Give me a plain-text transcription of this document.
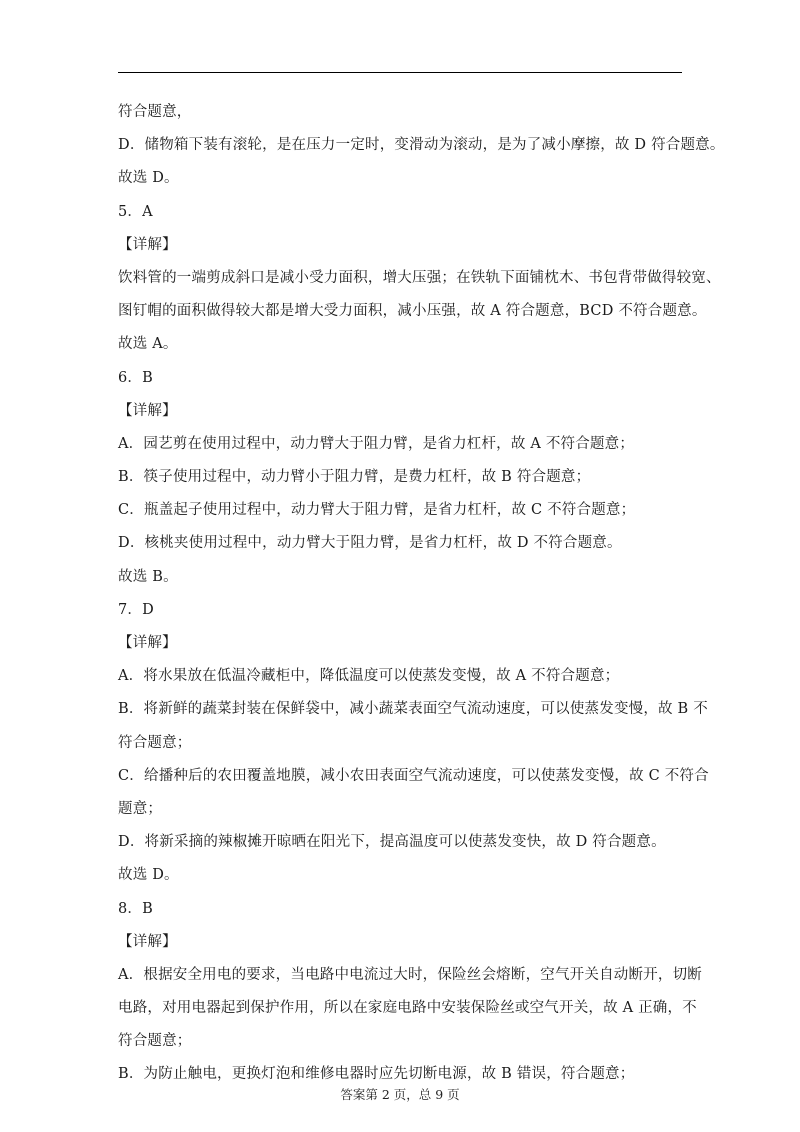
符合题意，
D．储物箱下装有滚轮，是在压力一定时，变滑动为滚动，是为了减小摩擦，故 D 符合题意。
故选 D。
5．A
【详解】
饮料管的一端剪成斜口是减小受力面积，增大压强；在铁轨下面铺枕木、书包背带做得较宽、
图钉帽的面积做得较大都是增大受力面积，减小压强，故 A 符合题意，BCD 不符合题意。
故选 A。
6．B
【详解】
A．园艺剪在使用过程中，动力臂大于阻力臂，是省力杠杆，故 A 不符合题意；
B．筷子使用过程中，动力臂小于阻力臂，是费力杠杆，故 B 符合题意；
C．瓶盖起子使用过程中，动力臂大于阻力臂，是省力杠杆，故 C 不符合题意；
D．核桃夹使用过程中，动力臂大于阻力臂，是省力杠杆，故 D 不符合题意。
故选 B。
7．D
【详解】
A．将水果放在低温冷藏柜中，降低温度可以使蒸发变慢，故 A 不符合题意；
B．将新鲜的蔬菜封装在保鲜袋中，减小蔬菜表面空气流动速度，可以使蒸发变慢，故 B 不
符合题意；
C．给播种后的农田覆盖地膜，减小农田表面空气流动速度，可以使蒸发变慢，故 C 不符合
题意；
D．将新采摘的辣椒摊开晾晒在阳光下，提高温度可以使蒸发变快，故 D 符合题意。
故选 D。
8．B
【详解】
A．根据安全用电的要求，当电路中电流过大时，保险丝会熔断，空气开关自动断开，切断
电路，对用电器起到保护作用，所以在家庭电路中安装保险丝或空气开关，故 A 正确，不
符合题意；
B．为防止触电，更换灯泡和维修电器时应先切断电源，故 B 错误，符合题意；
答案第 2 页，总 9 页
